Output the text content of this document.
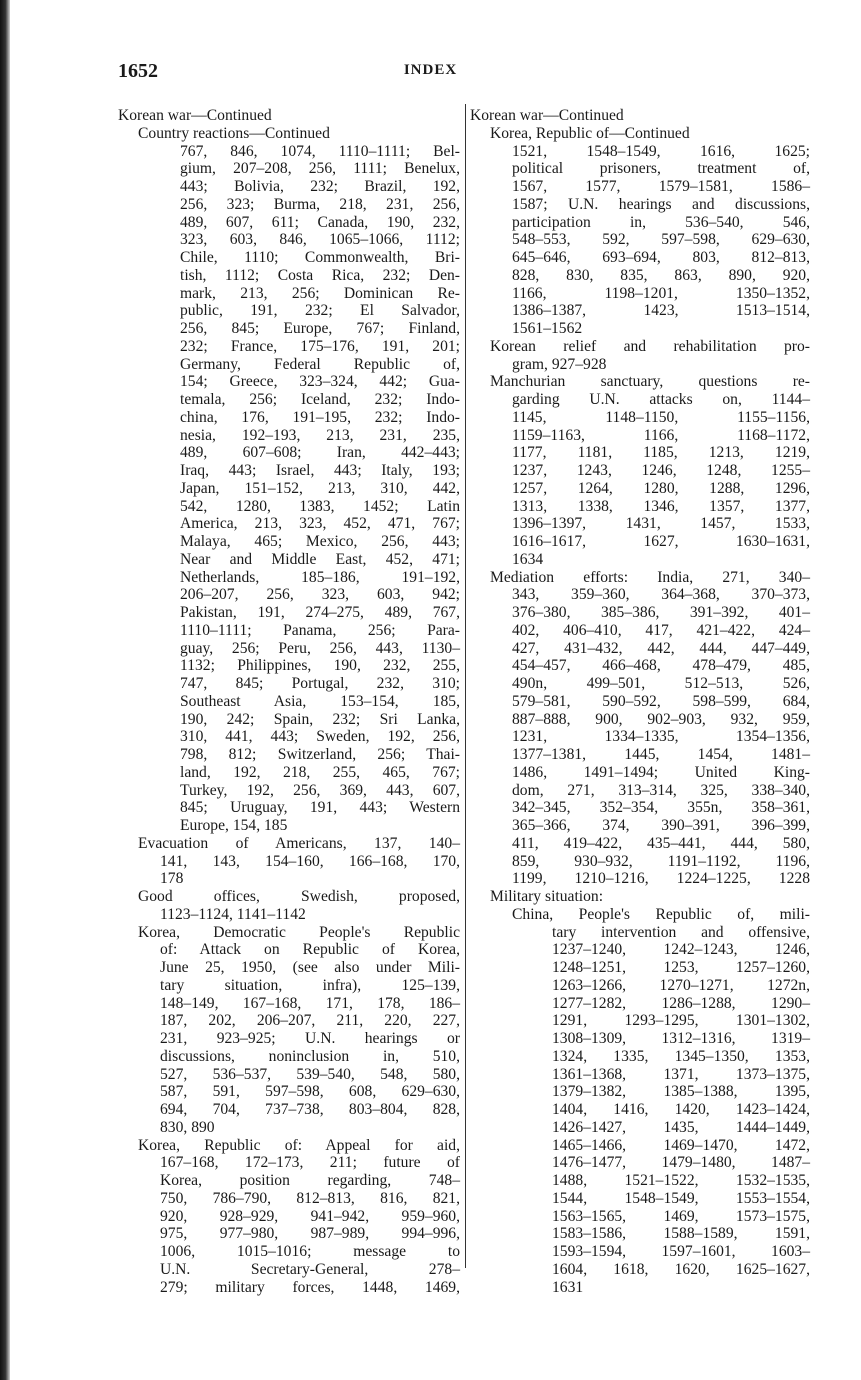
1652	INDEX
Korean war—Continued
Country reactions—Continued
767, 846, 1074, 1110–1111; Bel-
gium, 207–208, 256, 1111; Benelux,
443; Bolivia, 232; Brazil, 192,
256, 323; Burma, 218, 231, 256,
489, 607, 611; Canada, 190, 232,
323, 603, 846, 1065–1066, 1112;
Chile, 1110; Commonwealth, Bri-
tish, 1112; Costa Rica, 232; Den-
mark, 213, 256; Dominican Re-
public, 191, 232; El Salvador,
256, 845; Europe, 767; Finland,
232; France, 175–176, 191, 201;
Germany, Federal Republic of,
154; Greece, 323–324, 442; Gua-
temala, 256; Iceland, 232; Indo-
china, 176, 191–195, 232; Indo-
nesia, 192–193, 213, 231, 235,
489, 607–608; Iran, 442–443;
Iraq, 443; Israel, 443; Italy, 193;
Japan, 151–152, 213, 310, 442,
542, 1280, 1383, 1452; Latin
America, 213, 323, 452, 471, 767;
Malaya, 465; Mexico, 256, 443;
Near and Middle East, 452, 471;
Netherlands, 185–186, 191–192,
206–207, 256, 323, 603, 942;
Pakistan, 191, 274–275, 489, 767,
1110–1111; Panama, 256; Para-
guay, 256; Peru, 256, 443, 1130–
1132; Philippines, 190, 232, 255,
747, 845; Portugal, 232, 310;
Southeast Asia, 153–154, 185,
190, 242; Spain, 232; Sri Lanka,
310, 441, 443; Sweden, 192, 256,
798, 812; Switzerland, 256; Thai-
land, 192, 218, 255, 465, 767;
Turkey, 192, 256, 369, 443, 607,
845; Uruguay, 191, 443; Western
Europe, 154, 185
Evacuation of Americans, 137, 140–
141, 143, 154–160, 166–168, 170,
178
Good offices, Swedish, proposed,
1123–1124, 1141–1142
Korea, Democratic People's Republic
of: Attack on Republic of Korea,
June 25, 1950, (see also under Mili-
tary situation, infra), 125–139,
148–149, 167–168, 171, 178, 186–
187, 202, 206–207, 211, 220, 227,
231, 923–925; U.N. hearings or
discussions, noninclusion in, 510,
527, 536–537, 539–540, 548, 580,
587, 591, 597–598, 608, 629–630,
694, 704, 737–738, 803–804, 828,
830, 890
Korea, Republic of: Appeal for aid,
167–168, 172–173, 211; future of
Korea, position regarding, 748–
750, 786–790, 812–813, 816, 821,
920, 928–929, 941–942, 959–960,
975, 977–980, 987–989, 994–996,
1006, 1015–1016; message to
U.N. Secretary-General, 278–
279; military forces, 1448, 1469,
Korean war—Continued
Korea, Republic of—Continued
1521, 1548–1549, 1616, 1625;
political prisoners, treatment of,
1567, 1577, 1579–1581, 1586–
1587; U.N. hearings and discussions,
participation in, 536–540, 546,
548–553, 592, 597–598, 629–630,
645–646, 693–694, 803, 812–813,
828, 830, 835, 863, 890, 920,
1166, 1198–1201, 1350–1352,
1386–1387, 1423, 1513–1514,
1561–1562
Korean relief and rehabilitation pro-
gram, 927–928
Manchurian sanctuary, questions re-
garding U.N. attacks on, 1144–
1145, 1148–1150, 1155–1156,
1159–1163, 1166, 1168–1172,
1177, 1181, 1185, 1213, 1219,
1237, 1243, 1246, 1248, 1255–
1257, 1264, 1280, 1288, 1296,
1313, 1338, 1346, 1357, 1377,
1396–1397, 1431, 1457, 1533,
1616–1617, 1627, 1630–1631,
1634
Mediation efforts: India, 271, 340–
343, 359–360, 364–368, 370–373,
376–380, 385–386, 391–392, 401–
402, 406–410, 417, 421–422, 424–
427, 431–432, 442, 444, 447–449,
454–457, 466–468, 478–479, 485,
490n, 499–501, 512–513, 526,
579–581, 590–592, 598–599, 684,
887–888, 900, 902–903, 932, 959,
1231, 1334–1335, 1354–1356,
1377–1381, 1445, 1454, 1481–
1486, 1491–1494; United King-
dom, 271, 313–314, 325, 338–340,
342–345, 352–354, 355n, 358–361,
365–366, 374, 390–391, 396–399,
411, 419–422, 435–441, 444, 580,
859, 930–932, 1191–1192, 1196,
1199, 1210–1216, 1224–1225, 1228
Military situation:
China, People's Republic of, mili-
tary intervention and offensive,
1237–1240, 1242–1243, 1246,
1248–1251, 1253, 1257–1260,
1263–1266, 1270–1271, 1272n,
1277–1282, 1286–1288, 1290–
1291, 1293–1295, 1301–1302,
1308–1309, 1312–1316, 1319–
1324, 1335, 1345–1350, 1353,
1361–1368, 1371, 1373–1375,
1379–1382, 1385–1388, 1395,
1404, 1416, 1420, 1423–1424,
1426–1427, 1435, 1444–1449,
1465–1466, 1469–1470, 1472,
1476–1477, 1479–1480, 1487–
1488, 1521–1522, 1532–1535,
1544, 1548–1549, 1553–1554,
1563–1565, 1469, 1573–1575,
1583–1586, 1588–1589, 1591,
1593–1594, 1597–1601, 1603–
1604, 1618, 1620, 1625–1627,
1631
